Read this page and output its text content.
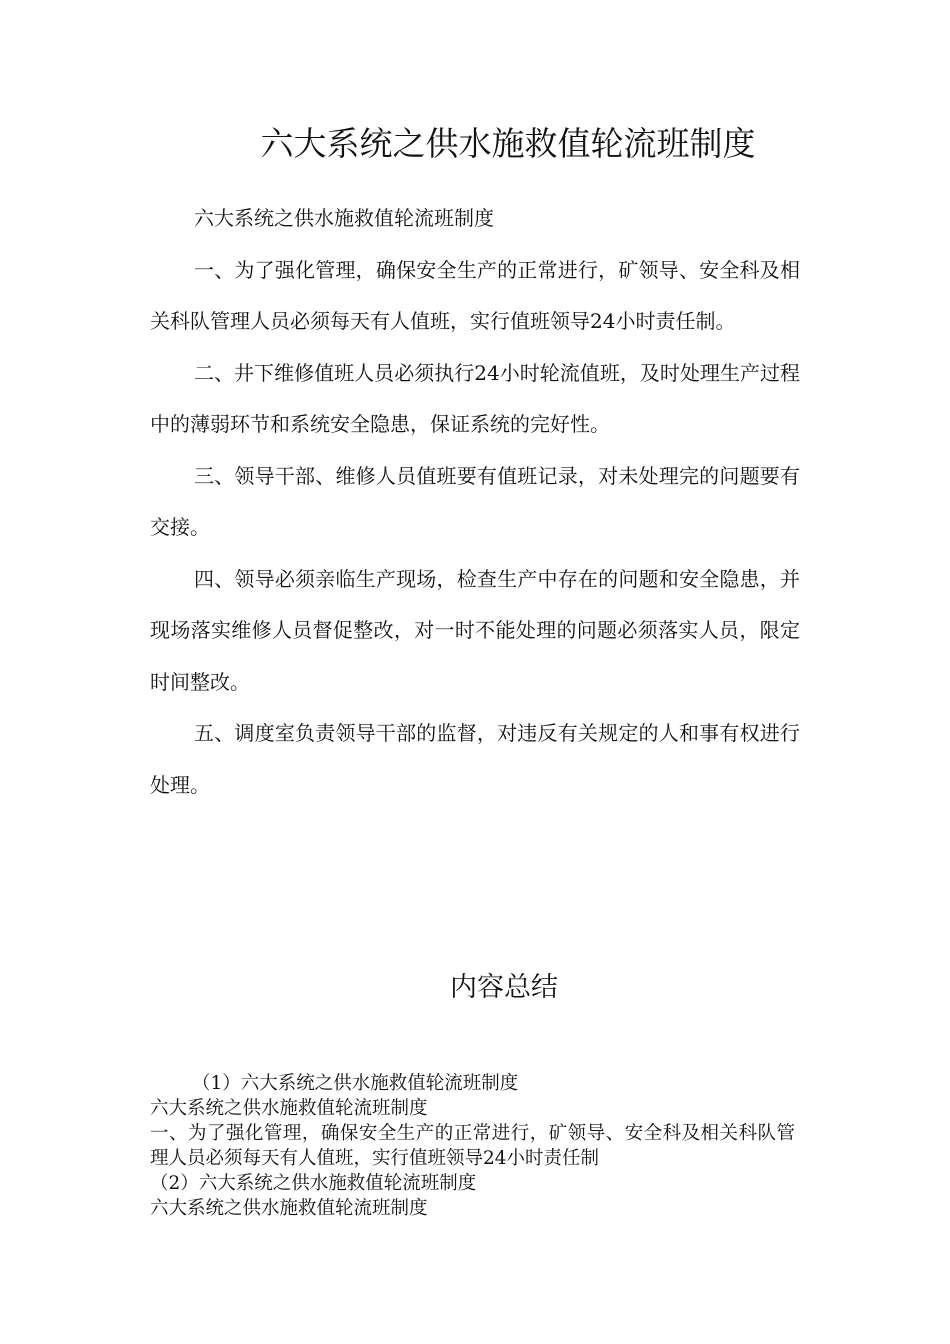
六大系统之供水施救值轮流班制度

六大系统之供水施救值轮流班制度

一、为了强化管理，确保安全生产的正常进行，矿领导、安全科及相关科队管理人员必须每天有人值班，实行值班领导24小时责任制。

二、井下维修值班人员必须执行24小时轮流值班，及时处理生产过程中的薄弱环节和系统安全隐患，保证系统的完好性。

三、领导干部、维修人员值班要有值班记录，对未处理完的问题要有交接。

四、领导必须亲临生产现场，检查生产中存在的问题和安全隐患，并现场落实维修人员督促整改，对一时不能处理的问题必须落实人员，限定时间整改。

五、调度室负责领导干部的监督，对违反有关规定的人和事有权进行处理。

内容总结

（1）六大系统之供水施救值轮流班制度

六大系统之供水施救值轮流班制度

一、为了强化管理，确保安全生产的正常进行，矿领导、安全科及相关科队管理人员必须每天有人值班，实行值班领导24小时责任制

（2）六大系统之供水施救值轮流班制度

六大系统之供水施救值轮流班制度
